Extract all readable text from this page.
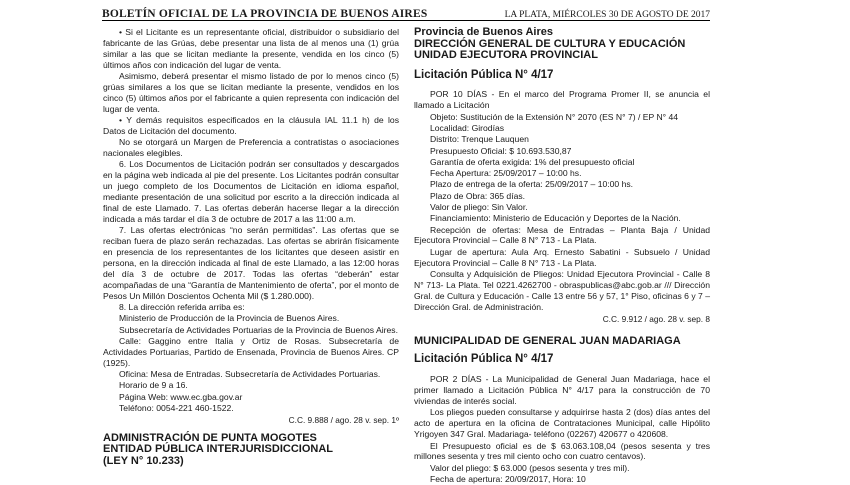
BOLETÍN OFICIAL DE LA PROVINCIA DE BUENOS AIRES	LA PLATA, MIÉRCOLES 30 DE AGOSTO DE 2017

• Si el Licitante es un representante oficial, distribuidor o subsidiario del fabricante de las Grúas, debe presentar una lista de al menos una (1) grúa similar a las que se licitan mediante la presente, vendida en los cinco (5) últimos años con indicación del lugar de venta.

Asimismo, deberá presentar el mismo listado de por lo menos cinco (5) grúas similares a los que se licitan mediante la presente, vendidos en los cinco (5) últimos años por el fabricante a quien representa con indicación del lugar de venta.

• Y demás requisitos especificados en la cláusula IAL 11.1 h) de los Datos de Licitación del documento.

No se otorgará un Margen de Preferencia a contratistas o asociaciones nacionales elegibles.

6. Los Documentos de Licitación podrán ser consultados y descargados en la página web indicada al pie del presente. Los Licitantes podrán consultar un juego completo de los Documentos de Licitación en idioma español, mediante presentación de una solicitud por escrito a la dirección indicada al final de este Llamado. 7. Las ofertas deberán hacerse llegar a la dirección indicada a más tardar el día 3 de octubre de 2017 a las 11:00 a.m.

7. Las ofertas electrónicas “no serán permitidas”. Las ofertas que se reciban fuera de plazo serán rechazadas. Las ofertas se abrirán físicamente en presencia de los representantes de los licitantes que deseen asistir en persona, en la dirección indicada al final de este Llamado, a las 12:00 horas del día 3 de octubre de 2017. Todas las ofertas “deberán” estar acompañadas de una “Garantía de Mantenimiento de oferta”, por el monto de Pesos Un Millón Doscientos Ochenta Mil ($ 1.280.000).

8. La dirección referida arriba es:

Ministerio de Producción de la Provincia de Buenos Aires.

Subsecretaría de Actividades Portuarias de la Provincia de Buenos Aires.

Calle: Gaggino entre Italia y Ortiz de Rosas. Subsecretaría de Actividades Portuarias, Partido de Ensenada, Provincia de Buenos Aires. CP (1925).

Oficina: Mesa de Entradas. Subsecretaría de Actividades Portuarias.

Horario de 9 a 16.

Página Web: www.ec.gba.gov.ar

Teléfono: 0054-221 460-1522.

C.C. 9.888 / ago. 28 v. sep. 1º

ADMINISTRACIÓN DE PUNTA MOGOTES
ENTIDAD PÚBLICA INTERJURISDICCIONAL
(LEY N° 10.233)
Provincia de Buenos Aires
DIRECCIÓN GENERAL DE CULTURA Y EDUCACIÓN
UNIDAD EJECUTORA PROVINCIAL
Licitación Pública N° 4/17

POR 10 DÍAS - En el marco del Programa Promer II, se anuncia el llamado a Licitación

Objeto: Sustitución de la Extensión N° 2070 (ES N° 7) / EP N° 44

Localidad: Girodías

Distrito: Trenque Lauquen

Presupuesto Oficial: $ 10.693.530,87

Garantía de oferta exigida: 1% del presupuesto oficial

Fecha Apertura: 25/09/2017 – 10:00 hs.

Plazo de entrega de la oferta: 25/09/2017 – 10:00 hs.

Plazo de Obra: 365 días.

Valor de pliego: Sin Valor.

Financiamiento: Ministerio de Educación y Deportes de la Nación.

Recepción de ofertas: Mesa de Entradas – Planta Baja / Unidad Ejecutora Provincial – Calle 8 N° 713 - La Plata.

Lugar de apertura: Aula Arq. Ernesto Sabatini - Subsuelo / Unidad Ejecutora Provincial – Calle 8 N° 713 - La Plata.

Consulta y Adquisición de Pliegos: Unidad Ejecutora Provincial - Calle 8 N° 713- La Plata. Tel 0221.4262700 - obraspublicas@abc.gob.ar /// Dirección Gral. de Cultura y Educación - Calle 13 entre 56 y 57, 1° Piso, oficinas 6 y 7 – Dirección Gral. de Administración.

C.C. 9.912 / ago. 28 v. sep. 8

MUNICIPALIDAD DE GENERAL JUAN MADARIAGA
Licitación Pública N° 4/17

POR 2 DÍAS - La Municipalidad de General Juan Madariaga, hace el primer llamado a Licitación Pública N° 4/17 para la construcción de 70 viviendas de interés social.

Los pliegos pueden consultarse y adquirirse hasta 2 (dos) días antes del acto de apertura en la oficina de Contrataciones Municipal, calle Hipólito Yrigoyen 347 Gral. Madariaga- teléfono (02267) 420677 o 420608.

El Presupuesto oficial es de $ 63.063.108,04 (pesos sesenta y tres millones sesenta y tres mil ciento ocho con cuatro centavos).

Valor del pliego: $ 63.000 (pesos sesenta y tres mil).

Fecha de apertura: 20/09/2017, Hora: 10
